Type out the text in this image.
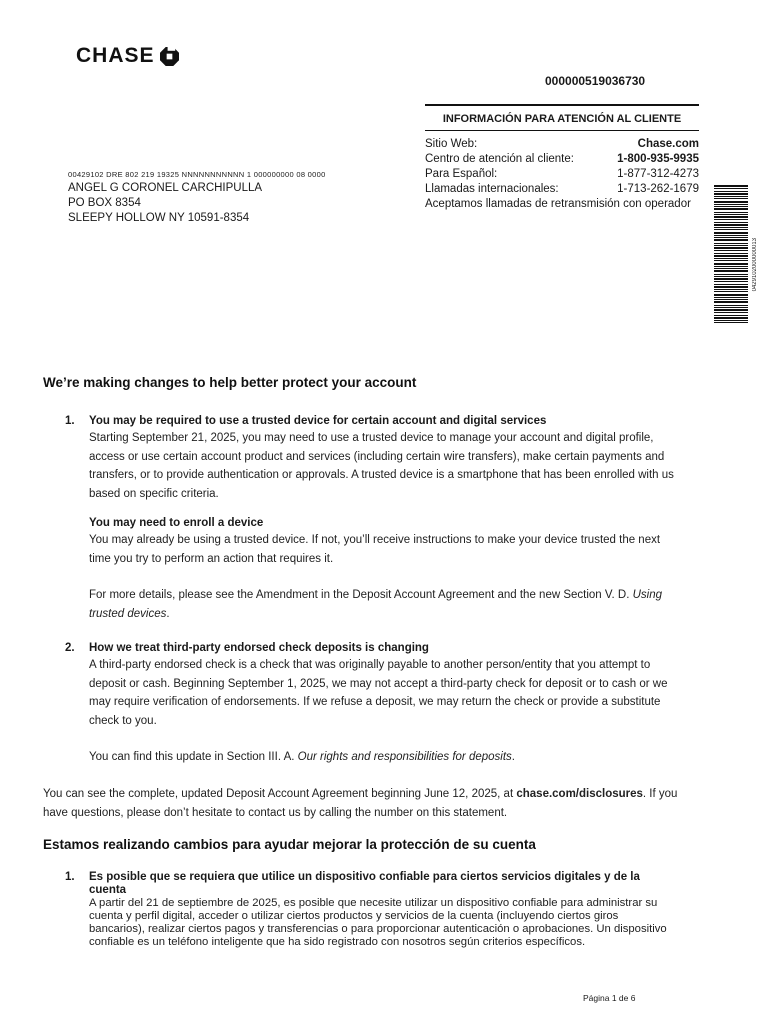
CHASE
000000519036730
INFORMACIÓN PARA ATENCIÓN AL CLIENTE
Sitio Web:	Chase.com
Centro de atención al cliente:	1-800-935-9935
Para Español:	1-877-312-4273
Llamadas internacionales:	1-713-262-1679
Aceptamos llamadas de retransmisión con operador
00429102 DRE 802 219 19325 NNNNNNNNNNN 1 000000000 08 0000
ANGEL G CORONEL CARCHIPULLA
PO BOX 8354
SLEEPY HOLLOW NY 10591-8354
0429102000000013
We’re making changes to help better protect your account
1. You may be required to use a trusted device for certain account and digital services
Starting September 21, 2025, you may need to use a trusted device to manage your account and digital profile,
access or use certain account product and services (including certain wire transfers), make certain payments and
transfers, or to provide authentication or approvals. A trusted device is a smartphone that has been enrolled with us
based on specific criteria.
You may need to enroll a device
You may already be using a trusted device. If not, you’ll receive instructions to make your device trusted the next
time you try to perform an action that requires it.
For more details, please see the Amendment in the Deposit Account Agreement and the new Section V. D. Using
trusted devices.
2. How we treat third-party endorsed check deposits is changing
A third-party endorsed check is a check that was originally payable to another person/entity that you attempt to
deposit or cash. Beginning September 1, 2025, we may not accept a third-party check for deposit or to cash or we
may require verification of endorsements. If we refuse a deposit, we may return the check or provide a substitute
check to you.
You can find this update in Section III. A. Our rights and responsibilities for deposits.
You can see the complete, updated Deposit Account Agreement beginning June 12, 2025, at chase.com/disclosures. If you
have questions, please don’t hesitate to contact us by calling the number on this statement.
Estamos realizando cambios para ayudar mejorar la protección de su cuenta
1. Es posible que se requiera que utilice un dispositivo confiable para ciertos servicios digitales y de la
cuenta
A partir del 21 de septiembre de 2025, es posible que necesite utilizar un dispositivo confiable para administrar su
cuenta y perfil digital, acceder o utilizar ciertos productos y servicios de la cuenta (incluyendo ciertos giros
bancarios), realizar ciertos pagos y transferencias o para proporcionar autenticación o aprobaciones. Un dispositivo
confiable es un teléfono inteligente que ha sido registrado con nosotros según criterios específicos.
Página 1 de 6
